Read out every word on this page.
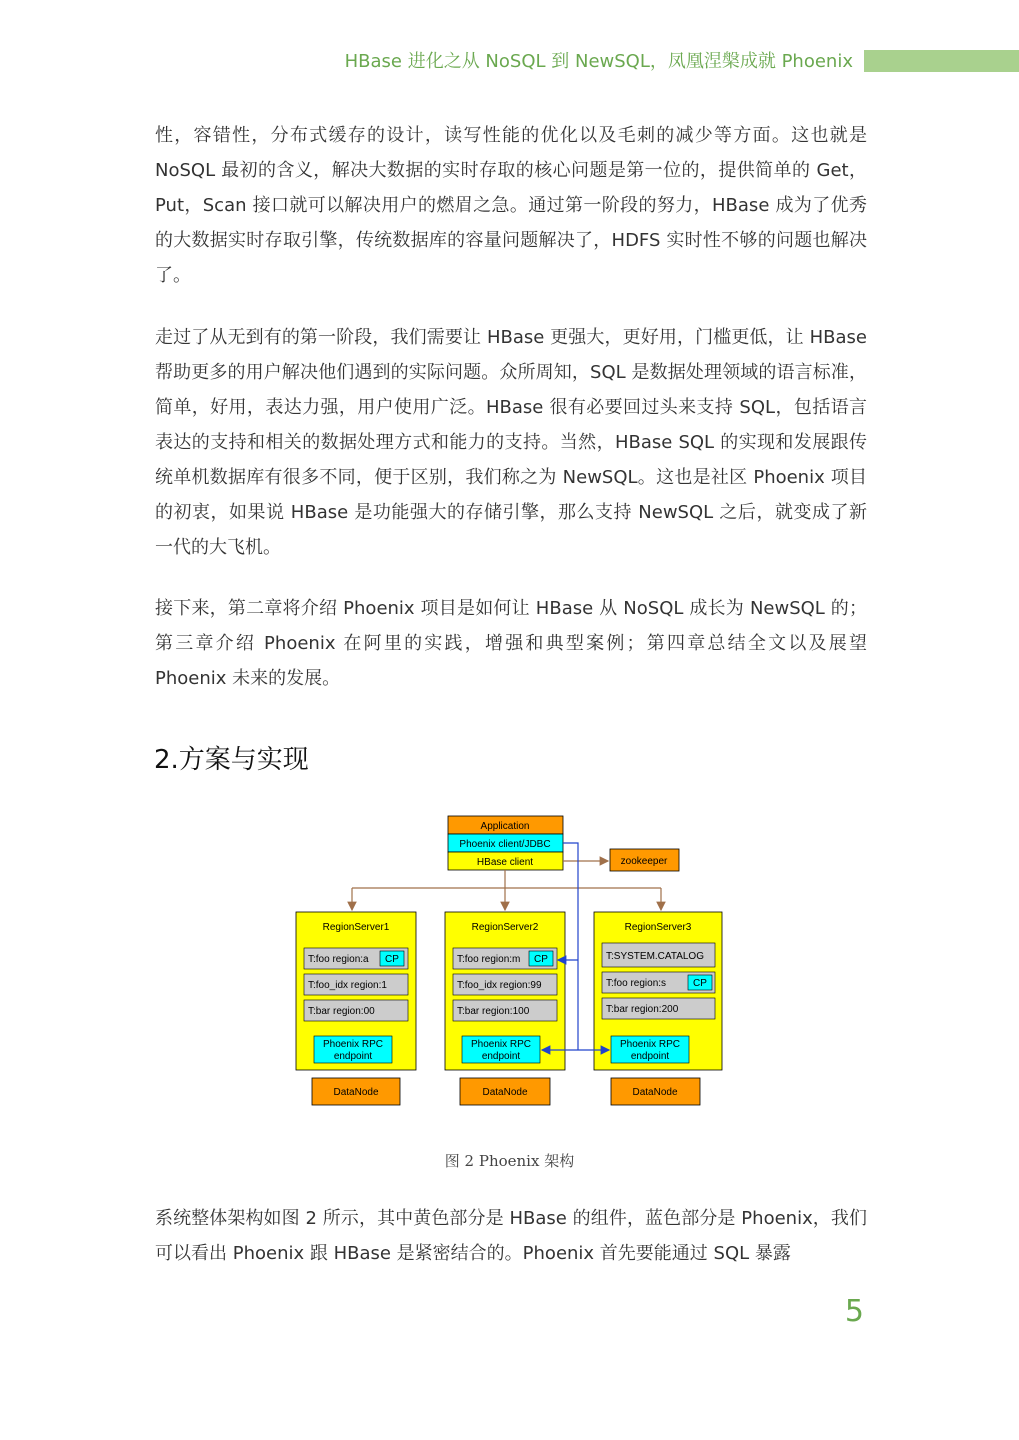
HBase 进化之从 NoSQL 到 NewSQL，凤凰涅槃成就 Phoenix

性，容错性，分布式缓存的设计，读写性能的优化以及毛刺的减少等方面。这也就是 NoSQL 最初的含义，解决大数据的实时存取的核心问题是第一位的，提供简单的 Get，Put，Scan 接口就可以解决用户的燃眉之急。通过第一阶段的努力，HBase 成为了优秀的大数据实时存取引擎，传统数据库的容量问题解决了，HDFS 实时性不够的问题也解决了。

走过了从无到有的第一阶段，我们需要让 HBase 更强大，更好用，门槛更低，让 HBase 帮助更多的用户解决他们遇到的实际问题。众所周知，SQL 是数据处理领域的语言标准，简单，好用，表达力强，用户使用广泛。HBase 很有必要回过头来支持 SQL，包括语言表达的支持和相关的数据处理方式和能力的支持。当然，HBase SQL 的实现和发展跟传统单机数据库有很多不同，便于区别，我们称之为 NewSQL。这也是社区 Phoenix 项目的初衷，如果说 HBase 是功能强大的存储引擎，那么支持 NewSQL 之后，就变成了新一代的大飞机。

接下来，第二章将介绍 Phoenix 项目是如何让 HBase 从 NoSQL 成长为 NewSQL 的；第三章介绍 Phoenix 在阿里的实践，增强和典型案例；第四章总结全文以及展望 Phoenix 未来的发展。

2.方案与实现
Application
Phoenix client/JDBC
HBase client	zookeeper
RegionServer1
T:foo region:a CP
T:foo_idx region:1
T:bar region:00
Phoenix RPC
endpoint
DataNode
RegionServer2
T:foo region:m CP
T:foo_idx region:99
T:bar region:100
Phoenix RPC
endpoint
DataNode
RegionServer3
T:SYSTEM.CATALOG
T:foo region:s	CP
T:bar region:200
Phoenix RPC
endpoint
DataNode
图 2 Phoenix 架构

系统整体架构如图 2 所示，其中黄色部分是 HBase 的组件，蓝色部分是 Phoenix，我们可以看出 Phoenix 跟 HBase 是紧密结合的。Phoenix 首先要能通过 SQL 暴露

5
